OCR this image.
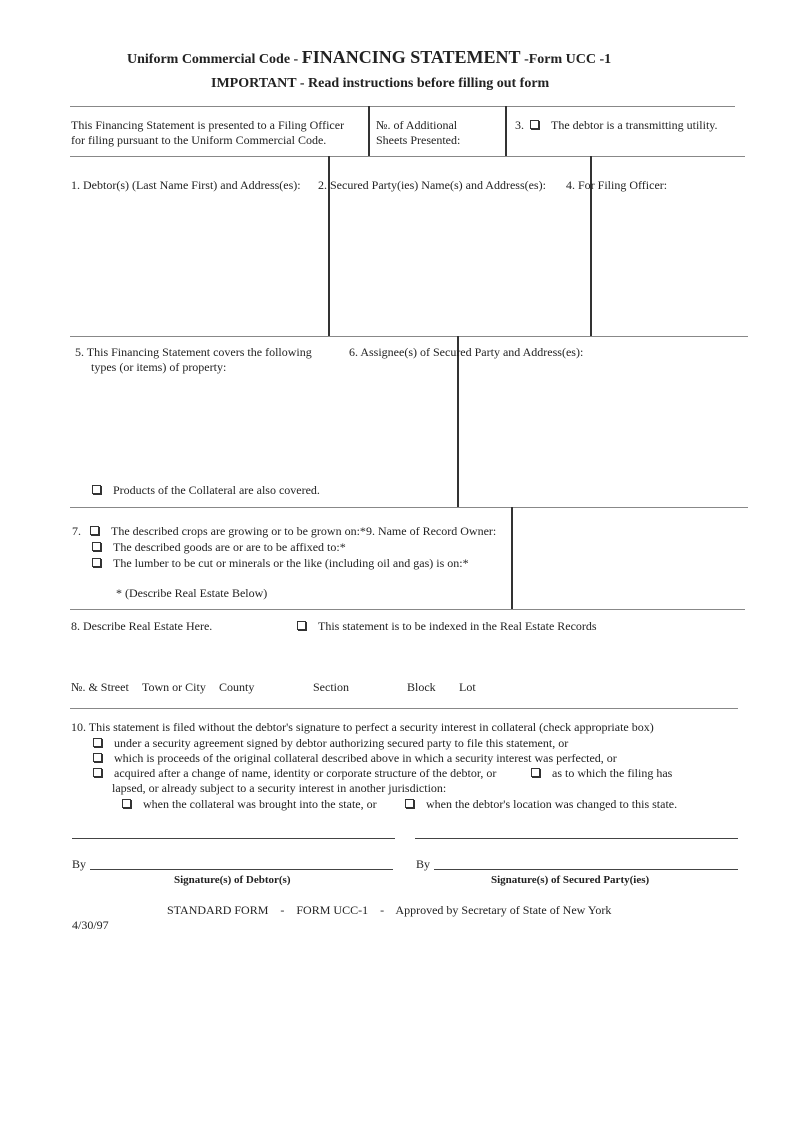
Uniform Commercial Code - FINANCING STATEMENT -Form UCC -1
IMPORTANT - Read instructions before filling out form
This Financing Statement is presented to a Filing Officer
for filing pursuant to the Uniform Commercial Code.
№. of Additional
Sheets Presented:
3. The debtor is a transmitting utility.
1. Debtor(s) (Last Name First) and Address(es): 2. Secured Party(ies) Name(s) and Address(es): 4. For Filing Officer:
5. This Financing Statement covers the following
types (or items) of property:
6. Assignee(s) of Secured Party and Address(es):
Products of the Collateral are also covered.
7.	The described crops are growing or to be grown on:*9. Name of Record Owner:
The described goods are or are to be affixed to:*
The lumber to be cut or minerals or the like (including oil and gas) is on:*
* (Describe Real Estate Below)
8. Describe Real Estate Here.	This statement is to be indexed in the Real Estate Records
№. & Street Town or City County	Section	Block Lot
10. This statement is filed without the debtor's signature to perfect a security interest in collateral (check appropriate box)
under a security agreement signed by debtor authorizing secured party to file this statement, or
which is proceeds of the original collateral described above in which a security interest was perfected, or
acquired after a change of name, identity or corporate structure of the debtor, or	as to which the filing has
lapsed, or already subject to a security interest in another jurisdiction:
when the collateral was brought into the state, or	when the debtor's location was changed to this state.
By	By
Signature(s) of Debtor(s)	Signature(s) of Secured Party(ies)
STANDARD FORM    -    FORM UCC-1    -    Approved by Secretary of State of New York
4/30/97
